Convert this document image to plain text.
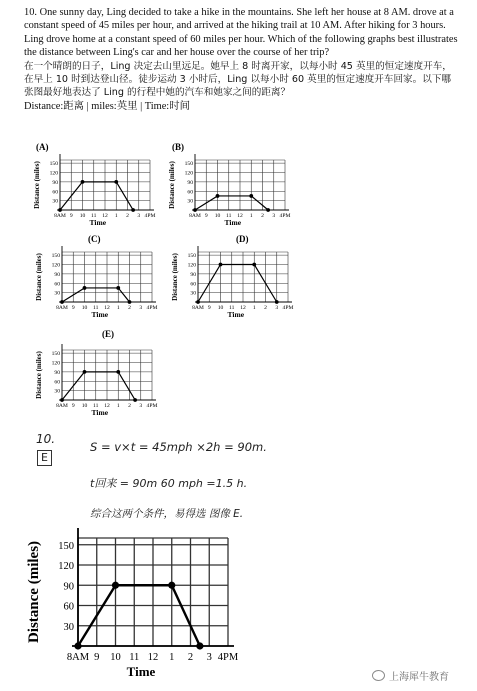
10. One sunny day, Ling decided to take a hike in the mountains. She left her house at 8 AM. drove at a constant speed of 45 miles per hour, and arrived at the hiking trail at 10 AM. After hiking for 3 hours. Ling drove home at a constant speed of 60 miles per hour. Which of the following graphs best illustrates the distance between Ling's car and her house over the course of her trip?

在一个晴朗的日子，Ling 决定去山里远足。她早上 8 时离开家，以每小时 45 英里的恒定速度开车，在早上 10 时到达登山径。徒步运动 3 小时后，Ling 以每小时 60 英里的恒定速度开车回家。以下哪张图最好地表达了 Ling 的行程中她的汽车和她家之间的距离？

Distance:距离 | miles:英里 | Time:时间

30
60
90
120
150
8AM 9 10 11 12 1 2 3 4PM
Time
Distance (miles)
(A)
30
60
90
120
150
8AM 9 10 11 12 1 2 3 4PM
Time
Distance (miles)
(B)
30
60
90
120
150
8AM 9 10 11 12 1 2 3 4PM
Time
Distance (miles)
(C)
30
60
90
120
150
8AM 9 10 11 12 1 2 3 4PM
Time
Distance (miles)
(D)
30
60
90
120
150
8AM 9 10 11 12 1 2 3 4PM
Time
Distance (miles)
(E)
10.
E
S = v×t = 45mph ×2h = 90m.
t回来 = 90m 60 mph =1.5 h.
综合这两个条件，易得选 图像 E.
30
60
90
120
150
8AM 9 10 11 12 1 2 3 4PM
Time
Distance (miles)
上海犀牛教育
